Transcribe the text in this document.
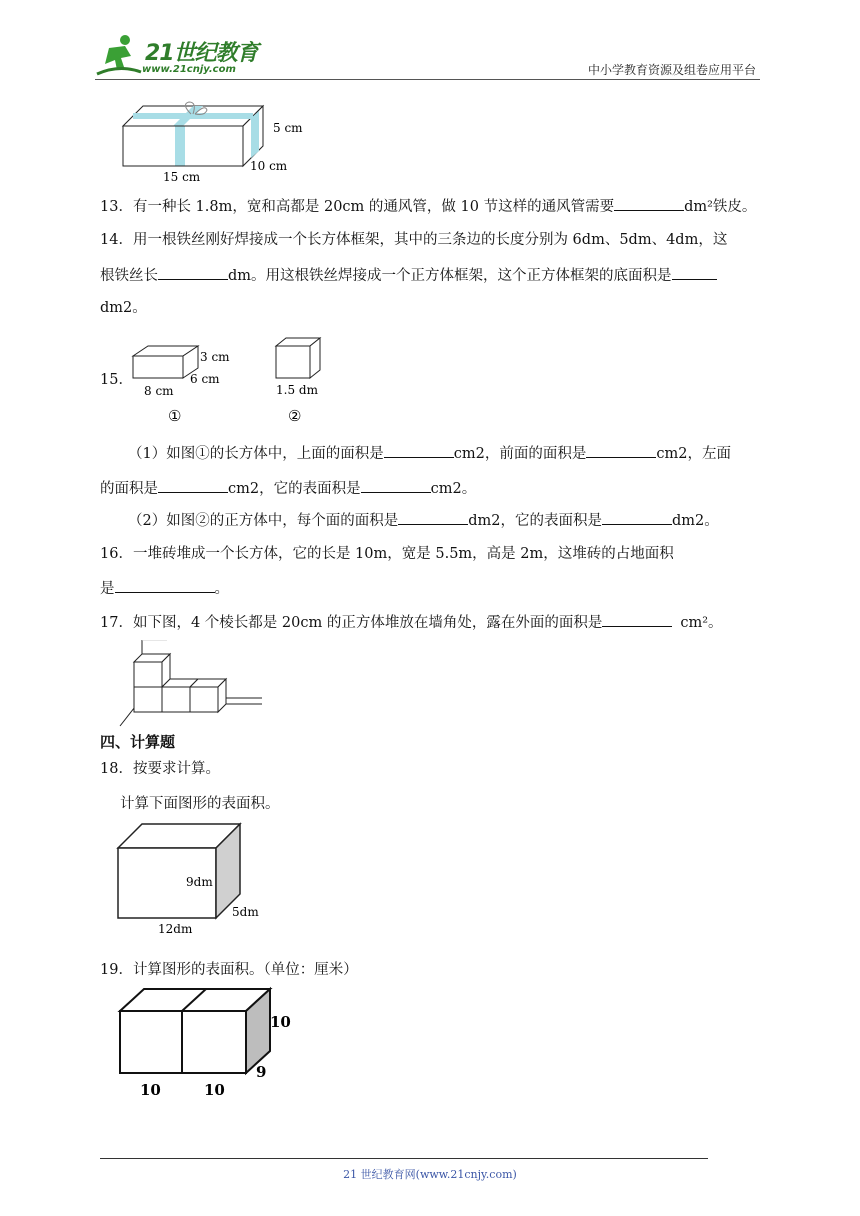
21世纪教育
www.21cnjy.com	中小学教育资源及组卷应用平台
5 cm
10 cm
15 cm
13．有一种长 1.8m，宽和高都是 20cm 的通风管，做 10 节这样的通风管需要	dm²铁皮。
14．用一根铁丝刚好焊接成一个长方体框架，其中的三条边的长度分别为 6dm、5dm、4dm，这
根铁丝长	dm。用这根铁丝焊接成一个正方体框架，这个正方体框架的底面积是
dm2。
15．
3 cm
6 cm
8 cm
①
1.5 dm
②
（1）如图①的长方体中，上面的面积是	cm2，前面的面积是	cm2，左面
的面积是	cm2，它的表面积是	cm2。
（2）如图②的正方体中，每个面的面积是	dm2，它的表面积是	dm2。
16．一堆砖堆成一个长方体，它的长是 10m，宽是 5.5m，高是 2m，这堆砖的占地面积
是	。
17．如下图，4 个棱长都是 20cm 的正方体堆放在墙角处，露在外面的面积是	cm²。
四、计算题
18．按要求计算。
计算下面图形的表面积。
9dm
5dm
12dm
19．计算图形的表面积。（单位：厘米）
10
9
10	10
21 世纪教育网(www.21cnjy.com)
